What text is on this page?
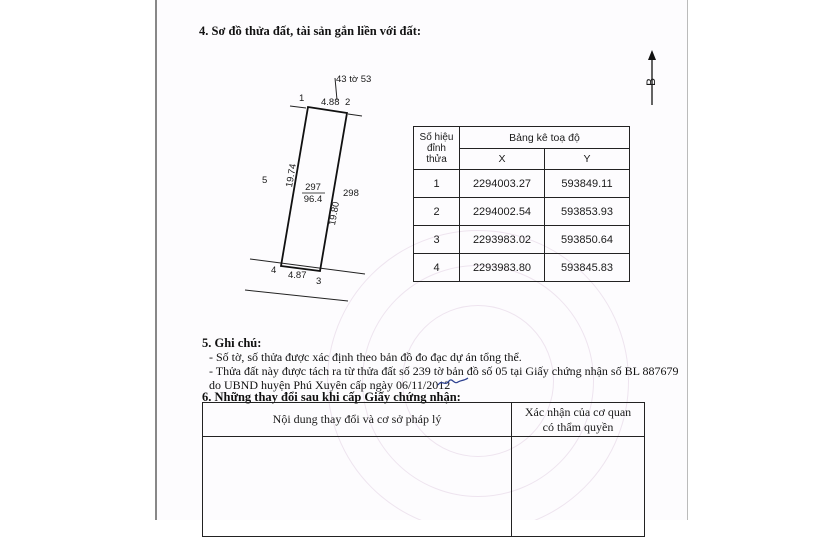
4. Sơ đồ thửa đất, tài sản gắn liền với đất:
B
43 tờ 53
1 4.88 2
5 19.74 297
96.4
19.80
298
4 4.87
3
Số hiệu đỉnh thửa	Bảng kê toạ độ	
	X	Y
1	2294003.27	593849.11
2	2294002.54	593853.93
3	2293983.02	593850.64
4	2293983.80	593845.83
5. Ghi chú:
- Số tờ, số thửa được xác định theo bản đồ đo đạc dự án tổng thể.
- Thửa đất này được tách ra từ thửa đất số 239 tờ bản đồ số 05 tại Giấy chứng nhận số BL 887679
do UBND huyện Phú Xuyên cấp ngày 06/11/2012
6. Những thay đổi sau khi cấp Giấy chứng nhận:
Nội dung thay đổi và cơ sở pháp lý	Xác nhận của cơ quan
có thẩm quyền
